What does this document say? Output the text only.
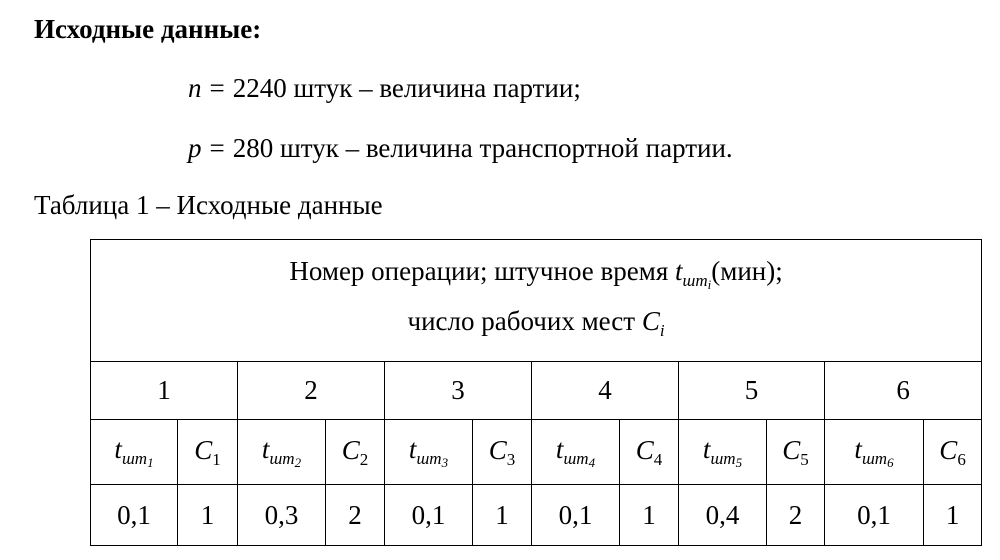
Исходные данные:
n = 2240 штук – величина партии;
p = 280 штук – величина транспортной партии.
Таблица 1 – Исходные данные
Номер операции; штучное время $t_{шт_i}(мин)$;
число рабочих мест $C_i$

1		2		3		4		5		6	
$t_{шт_1}$	$C_1$	$t_{шт_2}$	$C_2$	$t_{шт_3}$	$C_3$	$t_{шт_4}$	$C_4$	$t_{шт_5}$	$C_5$	$t_{шт_6}$	$C_6$
0,1	1	0,3	2	0,1	1	0,1	1	0,4	2	0,1	1
